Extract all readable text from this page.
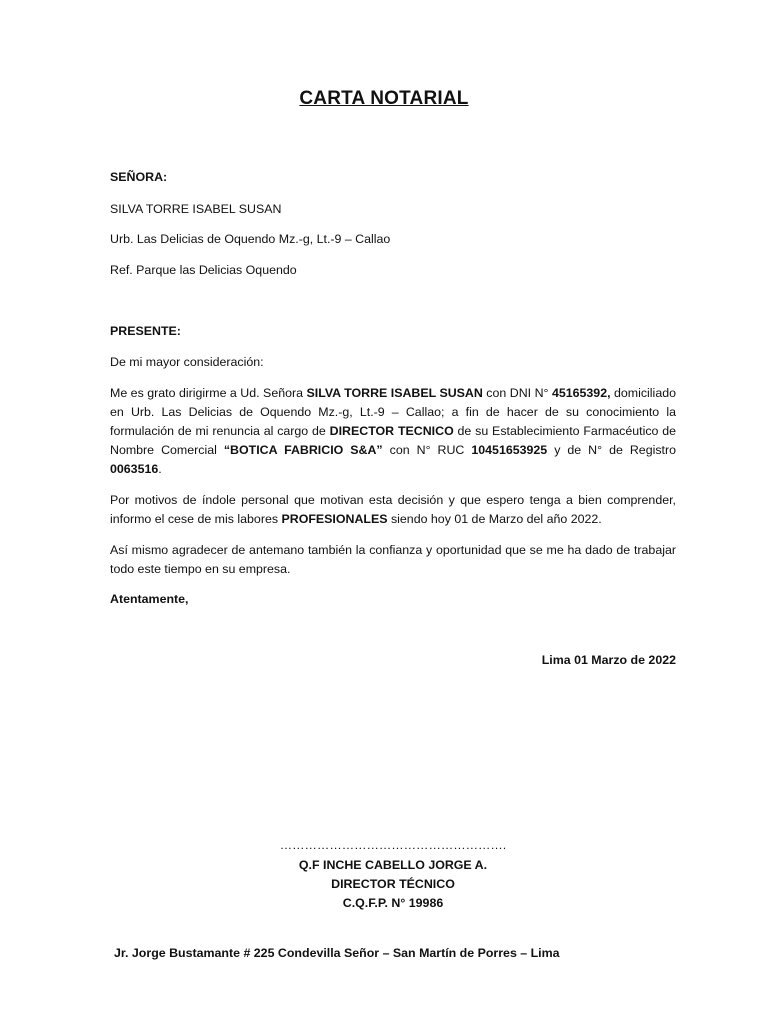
CARTA NOTARIAL
SEÑORA:
SILVA TORRE ISABEL SUSAN
Urb. Las Delicias de Oquendo Mz.-g, Lt.-9 – Callao
Ref. Parque las Delicias Oquendo
PRESENTE:
De mi mayor consideración:
Me es grato dirigirme a Ud. Señora SILVA TORRE ISABEL SUSAN con DNI N° 45165392, domiciliado en Urb. Las Delicias de Oquendo Mz.-g, Lt.-9 – Callao; a fin de hacer de su conocimiento la formulación de mi renuncia al cargo de DIRECTOR TECNICO de su Establecimiento Farmacéutico de Nombre Comercial “BOTICA FABRICIO S&A” con N° RUC 10451653925 y de N° de Registro 0063516.
Por motivos de índole personal que motivan esta decisión y que espero tenga a bien comprender, informo el cese de mis labores PROFESIONALES siendo hoy 01 de Marzo del año 2022.
Así mismo agradecer de antemano también la confianza y oportunidad que se me ha dado de trabajar todo este tiempo en su empresa.
Atentamente,
Lima 01 Marzo de 2022
……………………………………………….
Q.F INCHE CABELLO JORGE A.
DIRECTOR TÉCNICO
C.Q.F.P. N° 19986
Jr. Jorge Bustamante # 225 Condevilla Señor – San Martín de Porres – Lima
